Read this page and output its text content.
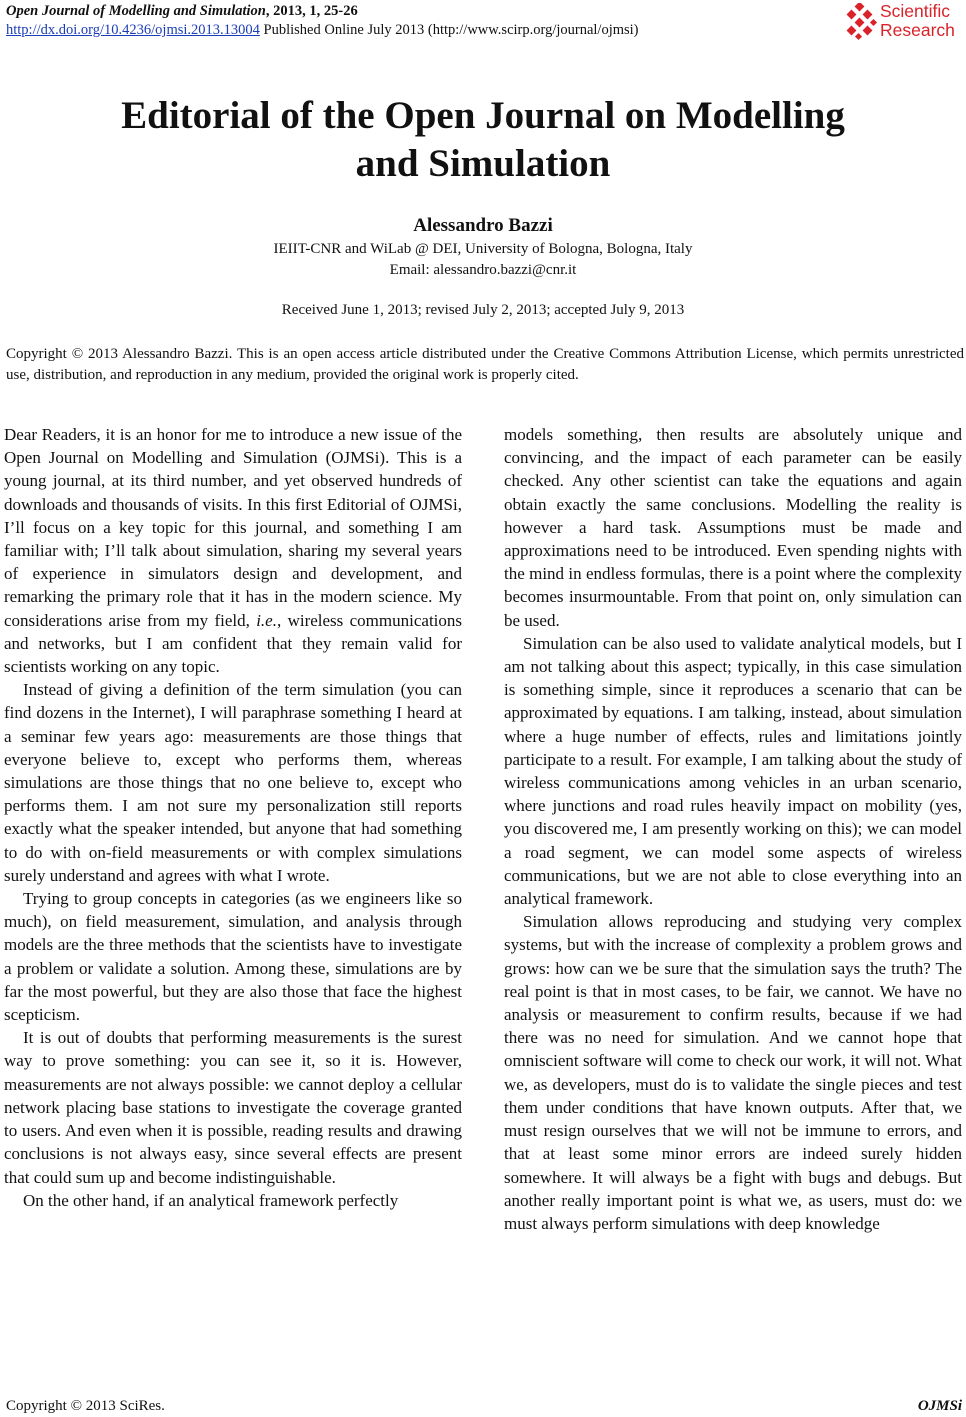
Open Journal of Modelling and Simulation, 2013, 1, 25-26
http://dx.doi.org/10.4236/ojmsi.2013.13004 Published Online July 2013 (http://www.scirp.org/journal/ojmsi)
Scientific
Research
Editorial of the Open Journal on Modelling
and Simulation
Alessandro Bazzi
IEIIT-CNR and WiLab @ DEI, University of Bologna, Bologna, Italy
Email: alessandro.bazzi@cnr.it
Received June 1, 2013; revised July 2, 2013; accepted July 9, 2013
Copyright © 2013 Alessandro Bazzi. This is an open access article distributed under the Creative Commons Attribution License, which permits unrestricted use, distribution, and reproduction in any medium, provided the original work is properly cited.

Dear Readers, it is an honor for me to introduce a new issue of the Open Journal on Modelling and Simulation (OJMSi). This is a young journal, at its third number, and yet observed hundreds of downloads and thousands of visits. In this first Editorial of OJMSi, I’ll focus on a key topic for this journal, and something I am familiar with; I’ll talk about simulation, sharing my several years of experience in simulators design and development, and remarking the primary role that it has in the modern science. My considerations arise from my field, i.e., wireless communications and networks, but I am confident that they remain valid for scientists working on any topic.

Instead of giving a definition of the term simulation (you can find dozens in the Internet), I will paraphrase something I heard at a seminar few years ago: measurements are those things that everyone believe to, except who performs them, whereas simulations are those things that no one believe to, except who performs them. I am not sure my personalization still reports exactly what the speaker intended, but anyone that had something to do with on-field measurements or with complex simulations surely understand and agrees with what I wrote.

Trying to group concepts in categories (as we engineers like so much), on field measurement, simulation, and analysis through models are the three methods that the scientists have to investigate a problem or validate a solution. Among these, simulations are by far the most powerful, but they are also those that face the highest scepticism.

It is out of doubts that performing measurements is the surest way to prove something: you can see it, so it is. However, measurements are not always possible: we cannot deploy a cellular network placing base stations to investigate the coverage granted to users. And even when it is possible, reading results and drawing conclusions is not always easy, since several effects are present that could sum up and become indistinguishable.

On the other hand, if an analytical framework perfectly

models something, then results are absolutely unique and convincing, and the impact of each parameter can be easily checked. Any other scientist can take the equations and again obtain exactly the same conclusions. Modelling the reality is however a hard task. Assumptions must be made and approximations need to be introduced. Even spending nights with the mind in endless formulas, there is a point where the complexity becomes insurmountable. From that point on, only simulation can be used.

Simulation can be also used to validate analytical models, but I am not talking about this aspect; typically, in this case simulation is something simple, since it reproduces a scenario that can be approximated by equations. I am talking, instead, about simulation where a huge number of effects, rules and limitations jointly participate to a result. For example, I am talking about the study of wireless communications among vehicles in an urban scenario, where junctions and road rules heavily impact on mobility (yes, you discovered me, I am presently working on this); we can model a road segment, we can model some aspects of wireless communications, but we are not able to close everything into an analytical framework.

Simulation allows reproducing and studying very complex systems, but with the increase of complexity a problem grows and grows: how can we be sure that the simulation says the truth? The real point is that in most cases, to be fair, we cannot. We have no analysis or measurement to confirm results, because if we had there was no need for simulation. And we cannot hope that omniscient software will come to check our work, it will not. What we, as developers, must do is to validate the single pieces and test them under conditions that have known outputs. After that, we must resign ourselves that we will not be immune to errors, and that at least some minor errors are indeed surely hidden somewhere. It will always be a fight with bugs and debugs. But another really important point is what we, as users, must do: we must always perform simulations with deep knowledge

Copyright © 2013 SciRes.	OJMSi
